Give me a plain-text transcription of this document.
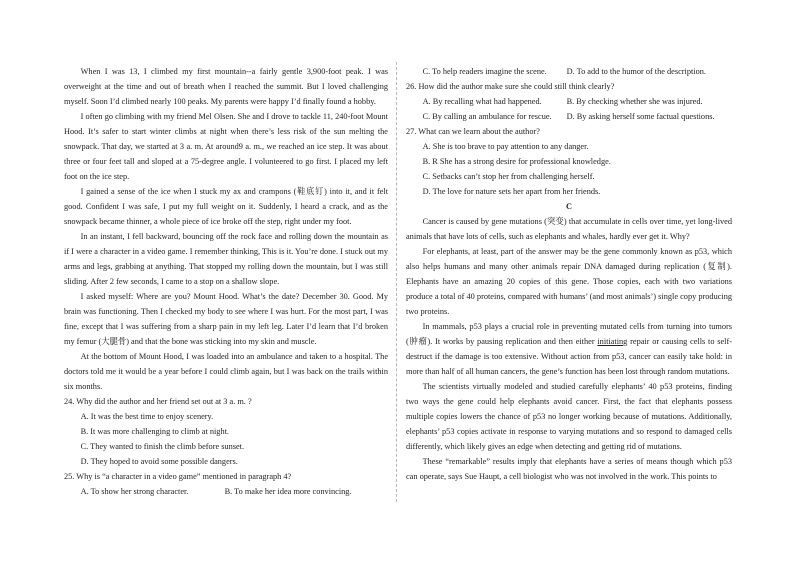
When I was 13, I climbed my first mountain--a fairly gentle 3,900-foot peak. I was overweight at the time and out of breath when I reached the summit. But I loved challenging myself. Soon I’d climbed nearly 100 peaks. My parents were happy I’d finally found a hobby.

I often go climbing with my friend Mel Olsen. She and I drove to tackle 11, 240-foot Mount Hood. It’s safer to start winter climbs at night when there’s less risk of the sun melting the snowpack. That day, we started at 3 a. m. At around9 a. m., we reached an ice step. It was about three or four feet tall and sloped at a 75-degree angle. I volunteered to go first. I placed my left foot on the ice step.

I gained a sense of the ice when I stuck my ax and crampons (鞋底钉) into it, and it felt good. Confident I was safe, I put my full weight on it. Suddenly, I heard a crack, and as the snowpack became thinner, a whole piece of ice broke off the step, right under my foot.

In an instant, I fell backward, bouncing off the rock face and rolling down the mountain as if I were a character in a video game. I remember thinking, This is it. You’re done. I stuck out my arms and legs, grabbing at anything. That stopped my rolling down the mountain, but I was still sliding. After 2 few seconds, I came to a stop on a shallow slope.

I asked myself: Where are you? Mount Hood. What’s the date? December 30. Good. My brain was functioning. Then I checked my body to see where I was hurt. For the most part, I was fine, except that I was suffering from a sharp pain in my left leg. Later I’d learn that I’d broken my femur (大腿骨) and that the bone was sticking into my skin and muscle.

At the bottom of Mount Hood, I was loaded into an ambulance and taken to a hospital. The doctors told me it would be a year before I could climb again, but I was back on the trails within six months.

24. Why did the author and her friend set out at 3 a. m. ?

A. It was the best time to enjoy scenery.

B. It was more challenging to climb at night.

C. They wanted to finish the climb before sunset.

D. They hoped to avoid some possible dangers.

25. Why is “a character in a video game” mentioned in paragraph 4?

A. To show her strong character.	B. To make her idea more convincing.

C. To help readers imagine the scene.	D. To add to the humor of the description.

26. How did the author make sure she could still think clearly?

A. By recalling what had happened.	B. By checking whether she was injured.

C. By calling an ambulance for rescue.	D. By asking herself some factual questions.

27. What can we learn about the author?

A. She is too brave to pay attention to any danger.

B. R She has a strong desire for professional knowledge.

C. Setbacks can’t stop her from challenging herself.

D. The love for nature sets her apart from her friends.

C

Cancer is caused by gene mutations (突变) that accumulate in cells over time, yet long-lived animals that have lots of cells, such as elephants and whales, hardly ever get it. Why?

For elephants, at least, part of the answer may be the gene commonly known as p53, which also helps humans and many other animals repair DNA damaged during replication (复制). Elephants have an amazing 20 copies of this gene. Those copies, each with two variations produce a total of 40 proteins, compared with humans’ (and most animals’) single copy producing two proteins.

In mammals, p53 plays a crucial role in preventing mutated cells from turning into tumors (肿瘤). It works by pausing replication and then either initiating repair or causing cells to self-destruct if the damage is too extensive. Without action from p53, cancer can easily take hold: in more than half of all human cancers, the gene’s function has been lost through random mutations.

The scientists virtually modeled and studied carefully elephants’ 40 p53 proteins, finding two ways the gene could help elephants avoid cancer. First, the fact that elephants possess multiple copies lowers the chance of p53 no longer working because of mutations. Additionally, elephants’ p53 copies activate in response to varying mutations and so respond to damaged cells differently, which likely gives an edge when detecting and getting rid of mutations.

These “remarkable” results imply that elephants have a series of means though which p53 can operate, says Sue Haupt, a cell biologist who was not involved in the work. This points to
